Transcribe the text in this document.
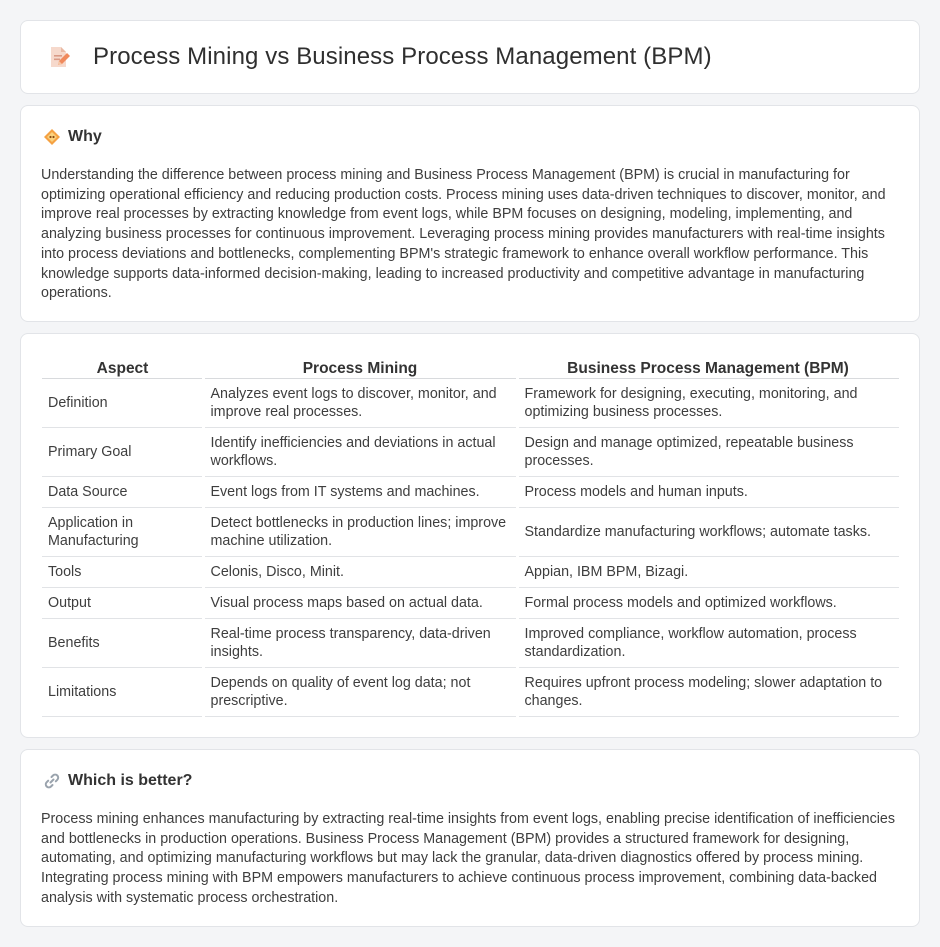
Process Mining vs Business Process Management (BPM)
Why

Understanding the difference between process mining and Business Process Management (BPM) is crucial in manufacturing for optimizing operational efficiency and reducing production costs. Process mining uses data-driven techniques to discover, monitor, and improve real processes by extracting knowledge from event logs, while BPM focuses on designing, modeling, implementing, and analyzing business processes for continuous improvement. Leveraging process mining provides manufacturers with real-time insights into process deviations and bottlenecks, complementing BPM's strategic framework to enhance overall workflow performance. This knowledge supports data-informed decision-making, leading to increased productivity and competitive advantage in manufacturing operations.

Aspect	Process Mining	Business Process Management (BPM)
Definition	Analyzes event logs to discover, monitor, and improve real processes.	Framework for designing, executing, monitoring, and optimizing business processes.
Primary Goal	Identify inefficiencies and deviations in actual workflows.	Design and manage optimized, repeatable business processes.
Data Source	Event logs from IT systems and machines.	Process models and human inputs.
Application in Manufacturing	Detect bottlenecks in production lines; improve machine utilization.	Standardize manufacturing workflows; automate tasks.
Tools	Celonis, Disco, Minit.	Appian, IBM BPM, Bizagi.
Output	Visual process maps based on actual data.	Formal process models and optimized workflows.
Benefits	Real-time process transparency, data-driven insights.	Improved compliance, workflow automation, process standardization.
Limitations	Depends on quality of event log data; not prescriptive.	Requires upfront process modeling; slower adaptation to changes.
Which is better?

Process mining enhances manufacturing by extracting real-time insights from event logs, enabling precise identification of inefficiencies and bottlenecks in production operations. Business Process Management (BPM) provides a structured framework for designing, automating, and optimizing manufacturing workflows but may lack the granular, data-driven diagnostics offered by process mining. Integrating process mining with BPM empowers manufacturers to achieve continuous process improvement, combining data-backed analysis with systematic process orchestration.
